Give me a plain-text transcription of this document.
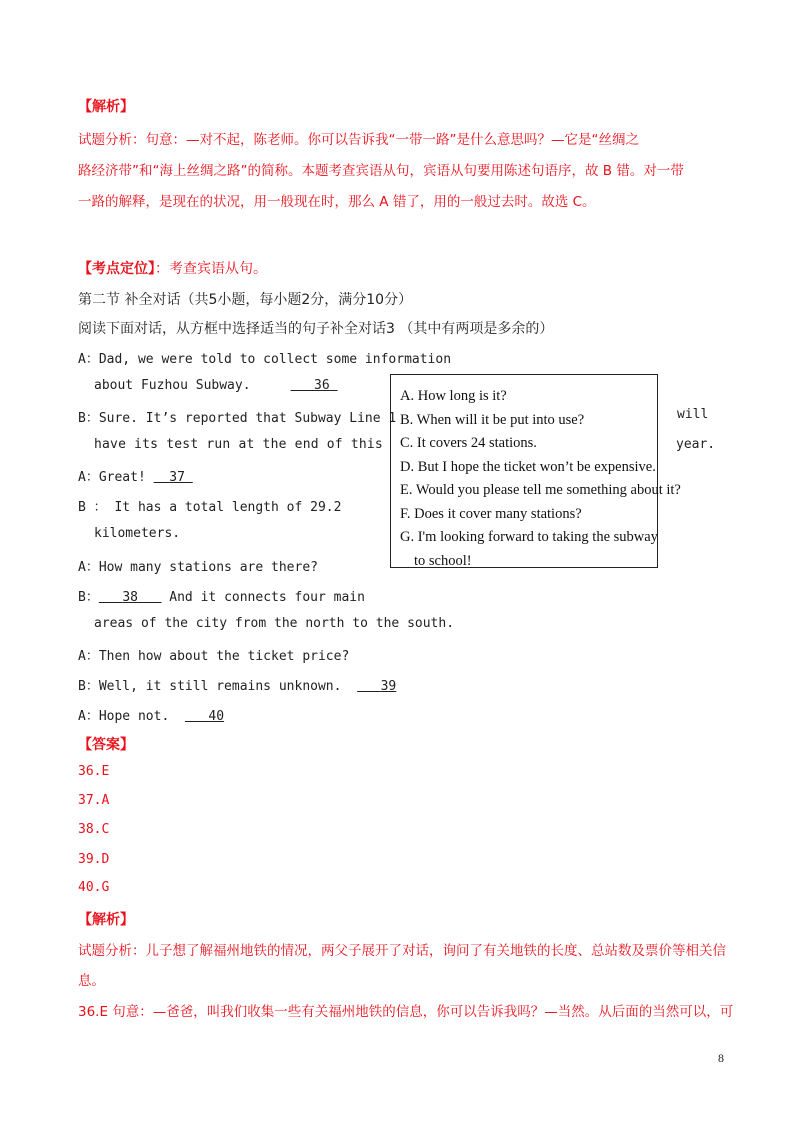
【解析】
试题分析：句意：—对不起，陈老师。你可以告诉我“一带一路”是什么意思吗？—它是“丝绸之
路经济带”和“海上丝绸之路”的简称。本题考查宾语从句，宾语从句要用陈述句语序，故 B 错。对一带
一路的解释，是现在的状况，用一般现在时，那么 A 错了，用的一般过去时。故选 C。
【考点定位】：考查宾语从句。
第二节 补全对话（共5小题，每小题2分，满分10分）
阅读下面对话，从方框中选择适当的句子补全对话3 （其中有两项是多余的）
A：Dad, we were told to collect some information
about Fuzhou Subway.	36
B：Sure. It’s reported that Subway Line 1	will
have its test run at the end of this	year.
A：Great! 37
B ： It has a total length of 29.2
kilometers.
A：How many stations are there?
B： 38 And it connects four main
areas of the city from the north to the south.
A：Then how about the ticket price?
B：Well, it still remains unknown.	39
A：Hope not.	40
A. How long is it?
B. When will it be put into use?
C. It covers 24 stations.
D. But I hope the ticket won’t be expensive.
E. Would you please tell me something about it?
F. Does it cover many stations?
G. I'm looking forward to taking the subway
to school!
【答案】
36.E
37.A
38.C
39.D
40.G
【解析】
试题分析：儿子想了解福州地铁的情况，两父子展开了对话，询问了有关地铁的长度、总站数及票价等相关信
息。
36.E 句意：—爸爸，叫我们收集一些有关福州地铁的信息，你可以告诉我吗？—当然。从后面的当然可以，可
8
